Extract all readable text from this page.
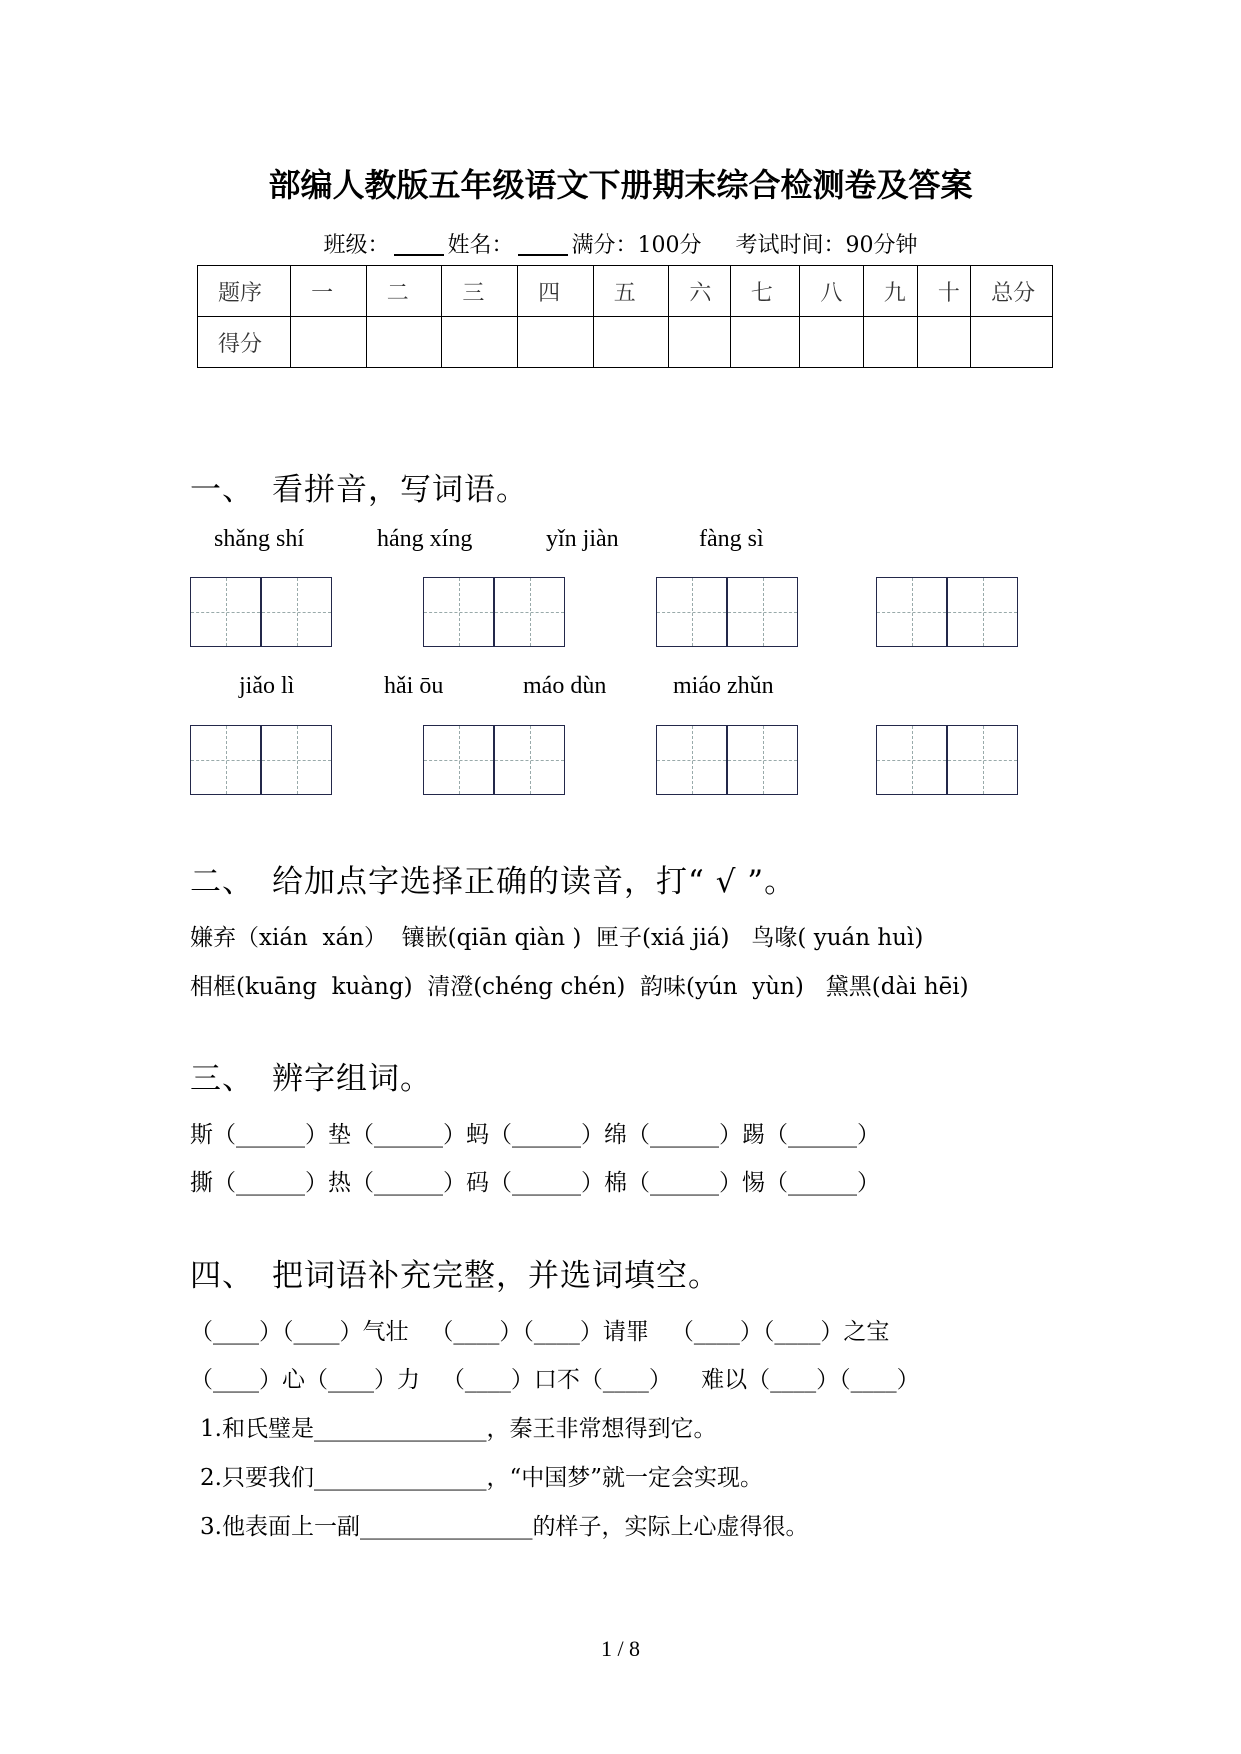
部编人教版五年级语文下册期末综合检测卷及答案
班级：	姓名：	满分：100分 考试时间：90分钟
题序	一	二	三	四	五	六	七	八	九	十	总分
得分											
一、 看拼音，写词语。
shǎng shí	háng xíng	yǐn jiàn	fàng sì
jiǎo lì	hǎi ōu	máo dùn	miáo zhǔn
二、 给加点字选择正确的读音，打“ √ ”。
嫌弃（xián  xán）  镶嵌(qiān qiàn )  匣子(xiá jiá)   鸟喙( yuán huì)
相框(kuāng  kuàng)  清澄(chéng chén)  韵味(yún  yùn)   黛黑(dài hēi)
三、 辨字组词。
斯（______）垫（______）蚂（______）绵（______）踢（______）
撕（______）热（______）码（______）棉（______）惕（______）
四、 把词语补充完整，并选词填空。
（____）（____）气壮   （____）（____）请罪   （____）（____）之宝
（____）心（____）力   （____）口不（____）    难以（____）（____）
1.和氏璧是_______________，秦王非常想得到它。
2.只要我们_______________，“中国梦”就一定会实现。
3.他表面上一副_______________的样子，实际上心虚得很。
1 / 8
